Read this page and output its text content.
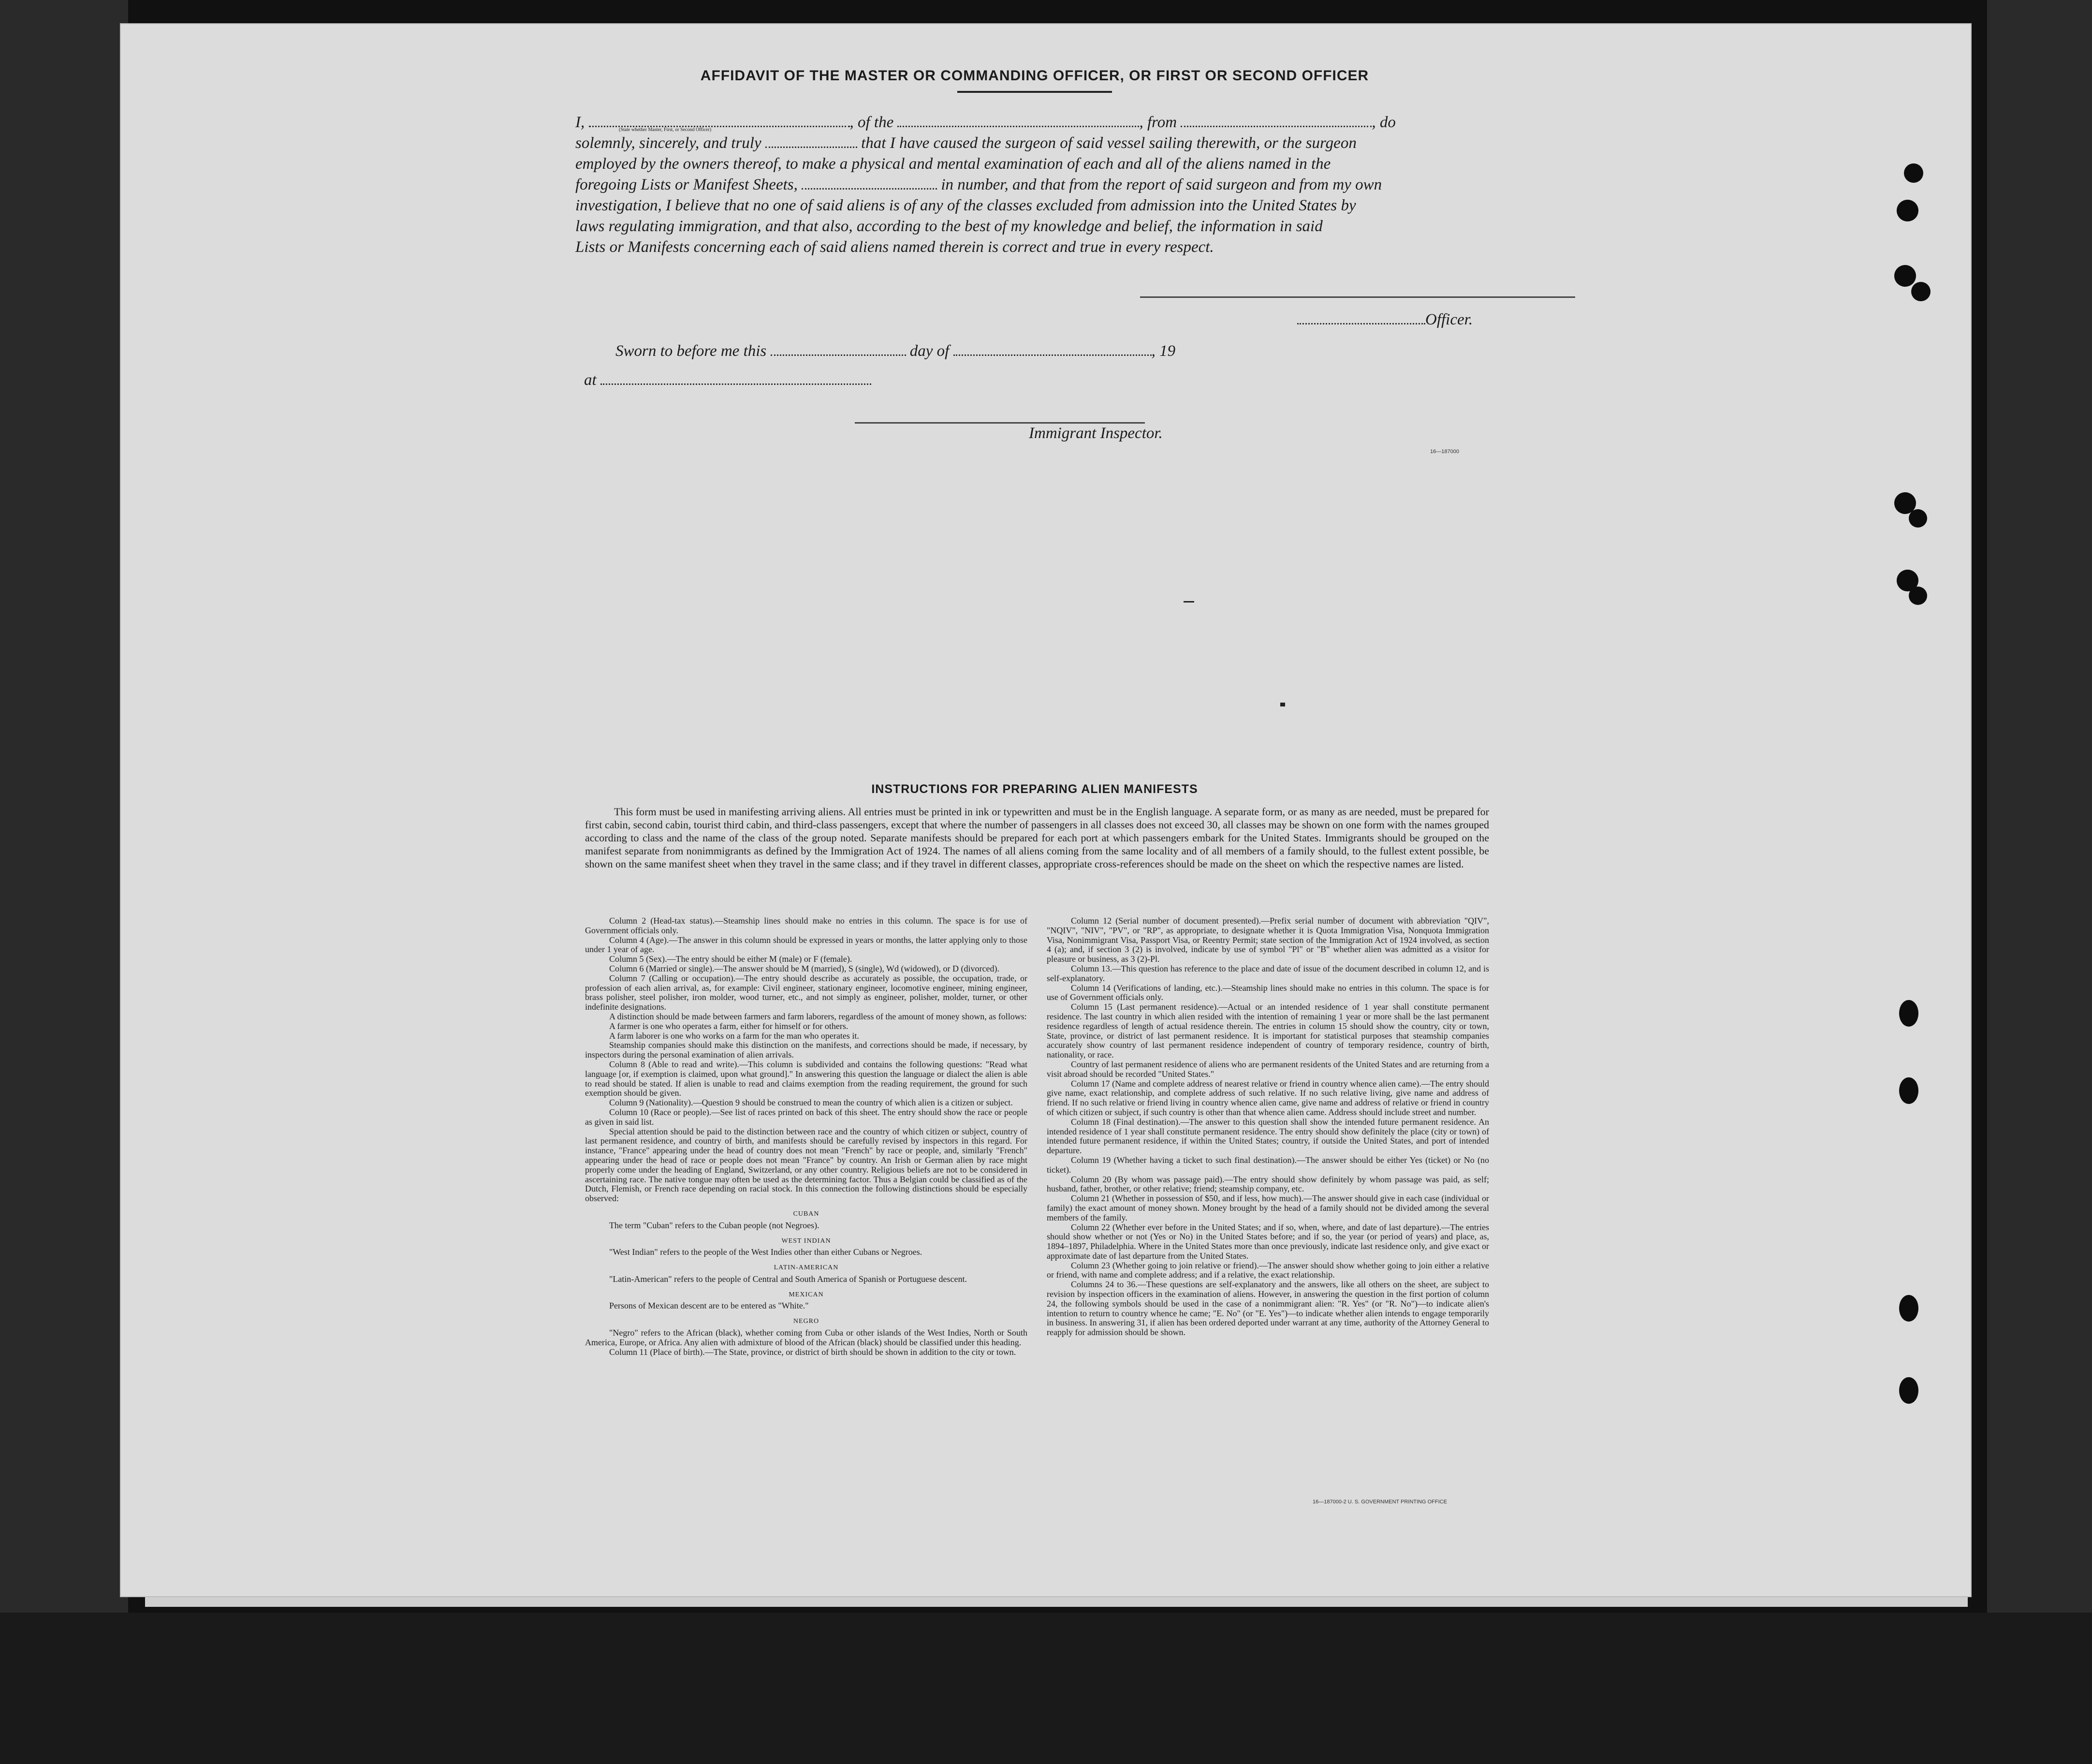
AFFIDAVIT OF THE MASTER OR COMMANDING OFFICER, OR FIRST OR SECOND OFFICER
I,	, of the	, from	, do
(State whether Master, First, or Second Officer)
solemnly, sincerely, and truly	that I have caused the surgeon of said vessel sailing therewith, or the surgeon
employed by the owners thereof, to make a physical and mental examination of each and all of the aliens named in the
foregoing Lists or Manifest Sheets,	in number, and that from the report of said surgeon and from my own
investigation, I believe that no one of said aliens is of any of the classes excluded from admission into the United States by
laws regulating immigration, and that also, according to the best of my knowledge and belief, the information in said
Lists or Manifests concerning each of said aliens named therein is correct and true in every respect.
Officer.
Sworn to before me this	day of	, 19
at
Immigrant Inspector.
16—187000
INSTRUCTIONS FOR PREPARING ALIEN MANIFESTS

This form must be used in manifesting arriving aliens. All entries must be printed in ink or typewritten and must be in the English language. A separate form, or as many as are needed, must be prepared for first cabin, second cabin, tourist third cabin, and third-class passengers, except that where the number of passengers in all classes does not exceed 30, all classes may be shown on one form with the names grouped according to class and the name of the class of the group noted. Separate manifests should be prepared for each port at which passengers embark for the United States. Immigrants should be grouped on the manifest separate from nonimmigrants as defined by the Immigration Act of 1924. The names of all aliens coming from the same locality and of all members of a family should, to the fullest extent possible, be shown on the same manifest sheet when they travel in the same class; and if they travel in different classes, appropriate cross-references should be made on the sheet on which the respective names are listed.

Column 2 (Head-tax status).—Steamship lines should make no entries in this column. The space is for use of Government officials only.

Column 4 (Age).—The answer in this column should be expressed in years or months, the latter applying only to those under 1 year of age.

Column 5 (Sex).—The entry should be either M (male) or F (female).

Column 6 (Married or single).—The answer should be M (married), S (single), Wd (widowed), or D (divorced).

Column 7 (Calling or occupation).—The entry should describe as accurately as possible, the occupation, trade, or profession of each alien arrival, as, for example: Civil engineer, stationary engineer, locomotive engineer, mining engineer, brass polisher, steel polisher, iron molder, wood turner, etc., and not simply as engineer, polisher, molder, turner, or other indefinite designations.

A distinction should be made between farmers and farm laborers, regardless of the amount of money shown, as follows:

A farmer is one who operates a farm, either for himself or for others.

A farm laborer is one who works on a farm for the man who operates it.

Steamship companies should make this distinction on the manifests, and corrections should be made, if necessary, by inspectors during the personal examination of alien arrivals.

Column 8 (Able to read and write).—This column is subdivided and contains the following questions: "Read what language [or, if exemption is claimed, upon what ground]." In answering this question the language or dialect the alien is able to read should be stated. If alien is unable to read and claims exemption from the reading requirement, the ground for such exemption should be given.

Column 9 (Nationality).—Question 9 should be construed to mean the country of which alien is a citizen or subject.

Column 10 (Race or people).—See list of races printed on back of this sheet. The entry should show the race or people as given in said list.

Special attention should be paid to the distinction between race and the country of which citizen or subject, country of last permanent residence, and country of birth, and manifests should be carefully revised by inspectors in this regard. For instance, "France" appearing under the head of country does not mean "French" by race or people, and, similarly "French" appearing under the head of race or people does not mean "France" by country. An Irish or German alien by race might properly come under the heading of England, Switzerland, or any other country. Religious beliefs are not to be considered in ascertaining race. The native tongue may often be used as the determining factor. Thus a Belgian could be classified as of the Dutch, Flemish, or French race depending on racial stock. In this connection the following distinctions should be especially observed:

CUBAN

The term "Cuban" refers to the Cuban people (not Negroes).

WEST INDIAN

"West Indian" refers to the people of the West Indies other than either Cubans or Negroes.

LATIN-AMERICAN

"Latin-American" refers to the people of Central and South America of Spanish or Portuguese descent.

MEXICAN

Persons of Mexican descent are to be entered as "White."

NEGRO

"Negro" refers to the African (black), whether coming from Cuba or other islands of the West Indies, North or South America, Europe, or Africa. Any alien with admixture of blood of the African (black) should be classified under this heading.

Column 11 (Place of birth).—The State, province, or district of birth should be shown in addition to the city or town.

Column 12 (Serial number of document presented).—Prefix serial number of document with abbreviation "QIV", "NQIV", "NIV", "PV", or "RP", as appropriate, to designate whether it is Quota Immigration Visa, Nonquota Immigration Visa, Nonimmigrant Visa, Passport Visa, or Reentry Permit; state section of the Immigration Act of 1924 involved, as section 4 (a); and, if section 3 (2) is involved, indicate by use of symbol "Pl" or "B" whether alien was admitted as a visitor for pleasure or business, as 3 (2)-Pl.

Column 13.—This question has reference to the place and date of issue of the document described in column 12, and is self-explanatory.

Column 14 (Verifications of landing, etc.).—Steamship lines should make no entries in this column. The space is for use of Government officials only.

Column 15 (Last permanent residence).—Actual or an intended residence of 1 year shall constitute permanent residence. The last country in which alien resided with the intention of remaining 1 year or more shall be the last permanent residence regardless of length of actual residence therein. The entries in column 15 should show the country, city or town, State, province, or district of last permanent residence. It is important for statistical purposes that steamship companies accurately show country of last permanent residence independent of country of temporary residence, country of birth, nationality, or race.

Country of last permanent residence of aliens who are permanent residents of the United States and are returning from a visit abroad should be recorded "United States."

Column 17 (Name and complete address of nearest relative or friend in country whence alien came).—The entry should give name, exact relationship, and complete address of such relative. If no such relative living, give name and address of friend. If no such relative or friend living in country whence alien came, give name and address of relative or friend in country of which citizen or subject, if such country is other than that whence alien came. Address should include street and number.

Column 18 (Final destination).—The answer to this question shall show the intended future permanent residence. An intended residence of 1 year shall constitute permanent residence. The entry should show definitely the place (city or town) of intended future permanent residence, if within the United States; country, if outside the United States, and port of intended departure.

Column 19 (Whether having a ticket to such final destination).—The answer should be either Yes (ticket) or No (no ticket).

Column 20 (By whom was passage paid).—The entry should show definitely by whom passage was paid, as self; husband, father, brother, or other relative; friend; steamship company, etc.

Column 21 (Whether in possession of $50, and if less, how much).—The answer should give in each case (individual or family) the exact amount of money shown. Money brought by the head of a family should not be divided among the several members of the family.

Column 22 (Whether ever before in the United States; and if so, when, where, and date of last departure).—The entries should show whether or not (Yes or No) in the United States before; and if so, the year (or period of years) and place, as, 1894–1897, Philadelphia. Where in the United States more than once previously, indicate last residence only, and give exact or approximate date of last departure from the United States.

Column 23 (Whether going to join relative or friend).—The answer should show whether going to join either a relative or friend, with name and complete address; and if a relative, the exact relationship.

Columns 24 to 36.—These questions are self-explanatory and the answers, like all others on the sheet, are subject to revision by inspection officers in the examination of aliens. However, in answering the question in the first portion of column 24, the following symbols should be used in the case of a nonimmigrant alien: "R. Yes" (or "R. No")—to indicate alien's intention to return to country whence he came; "E. No" (or "E. Yes")—to indicate whether alien intends to engage temporarily in business. In answering 31, if alien has been ordered deported under warrant at any time, authority of the Attorney General to reapply for admission should be shown.

16—187000-2 U. S. GOVERNMENT PRINTING OFFICE
